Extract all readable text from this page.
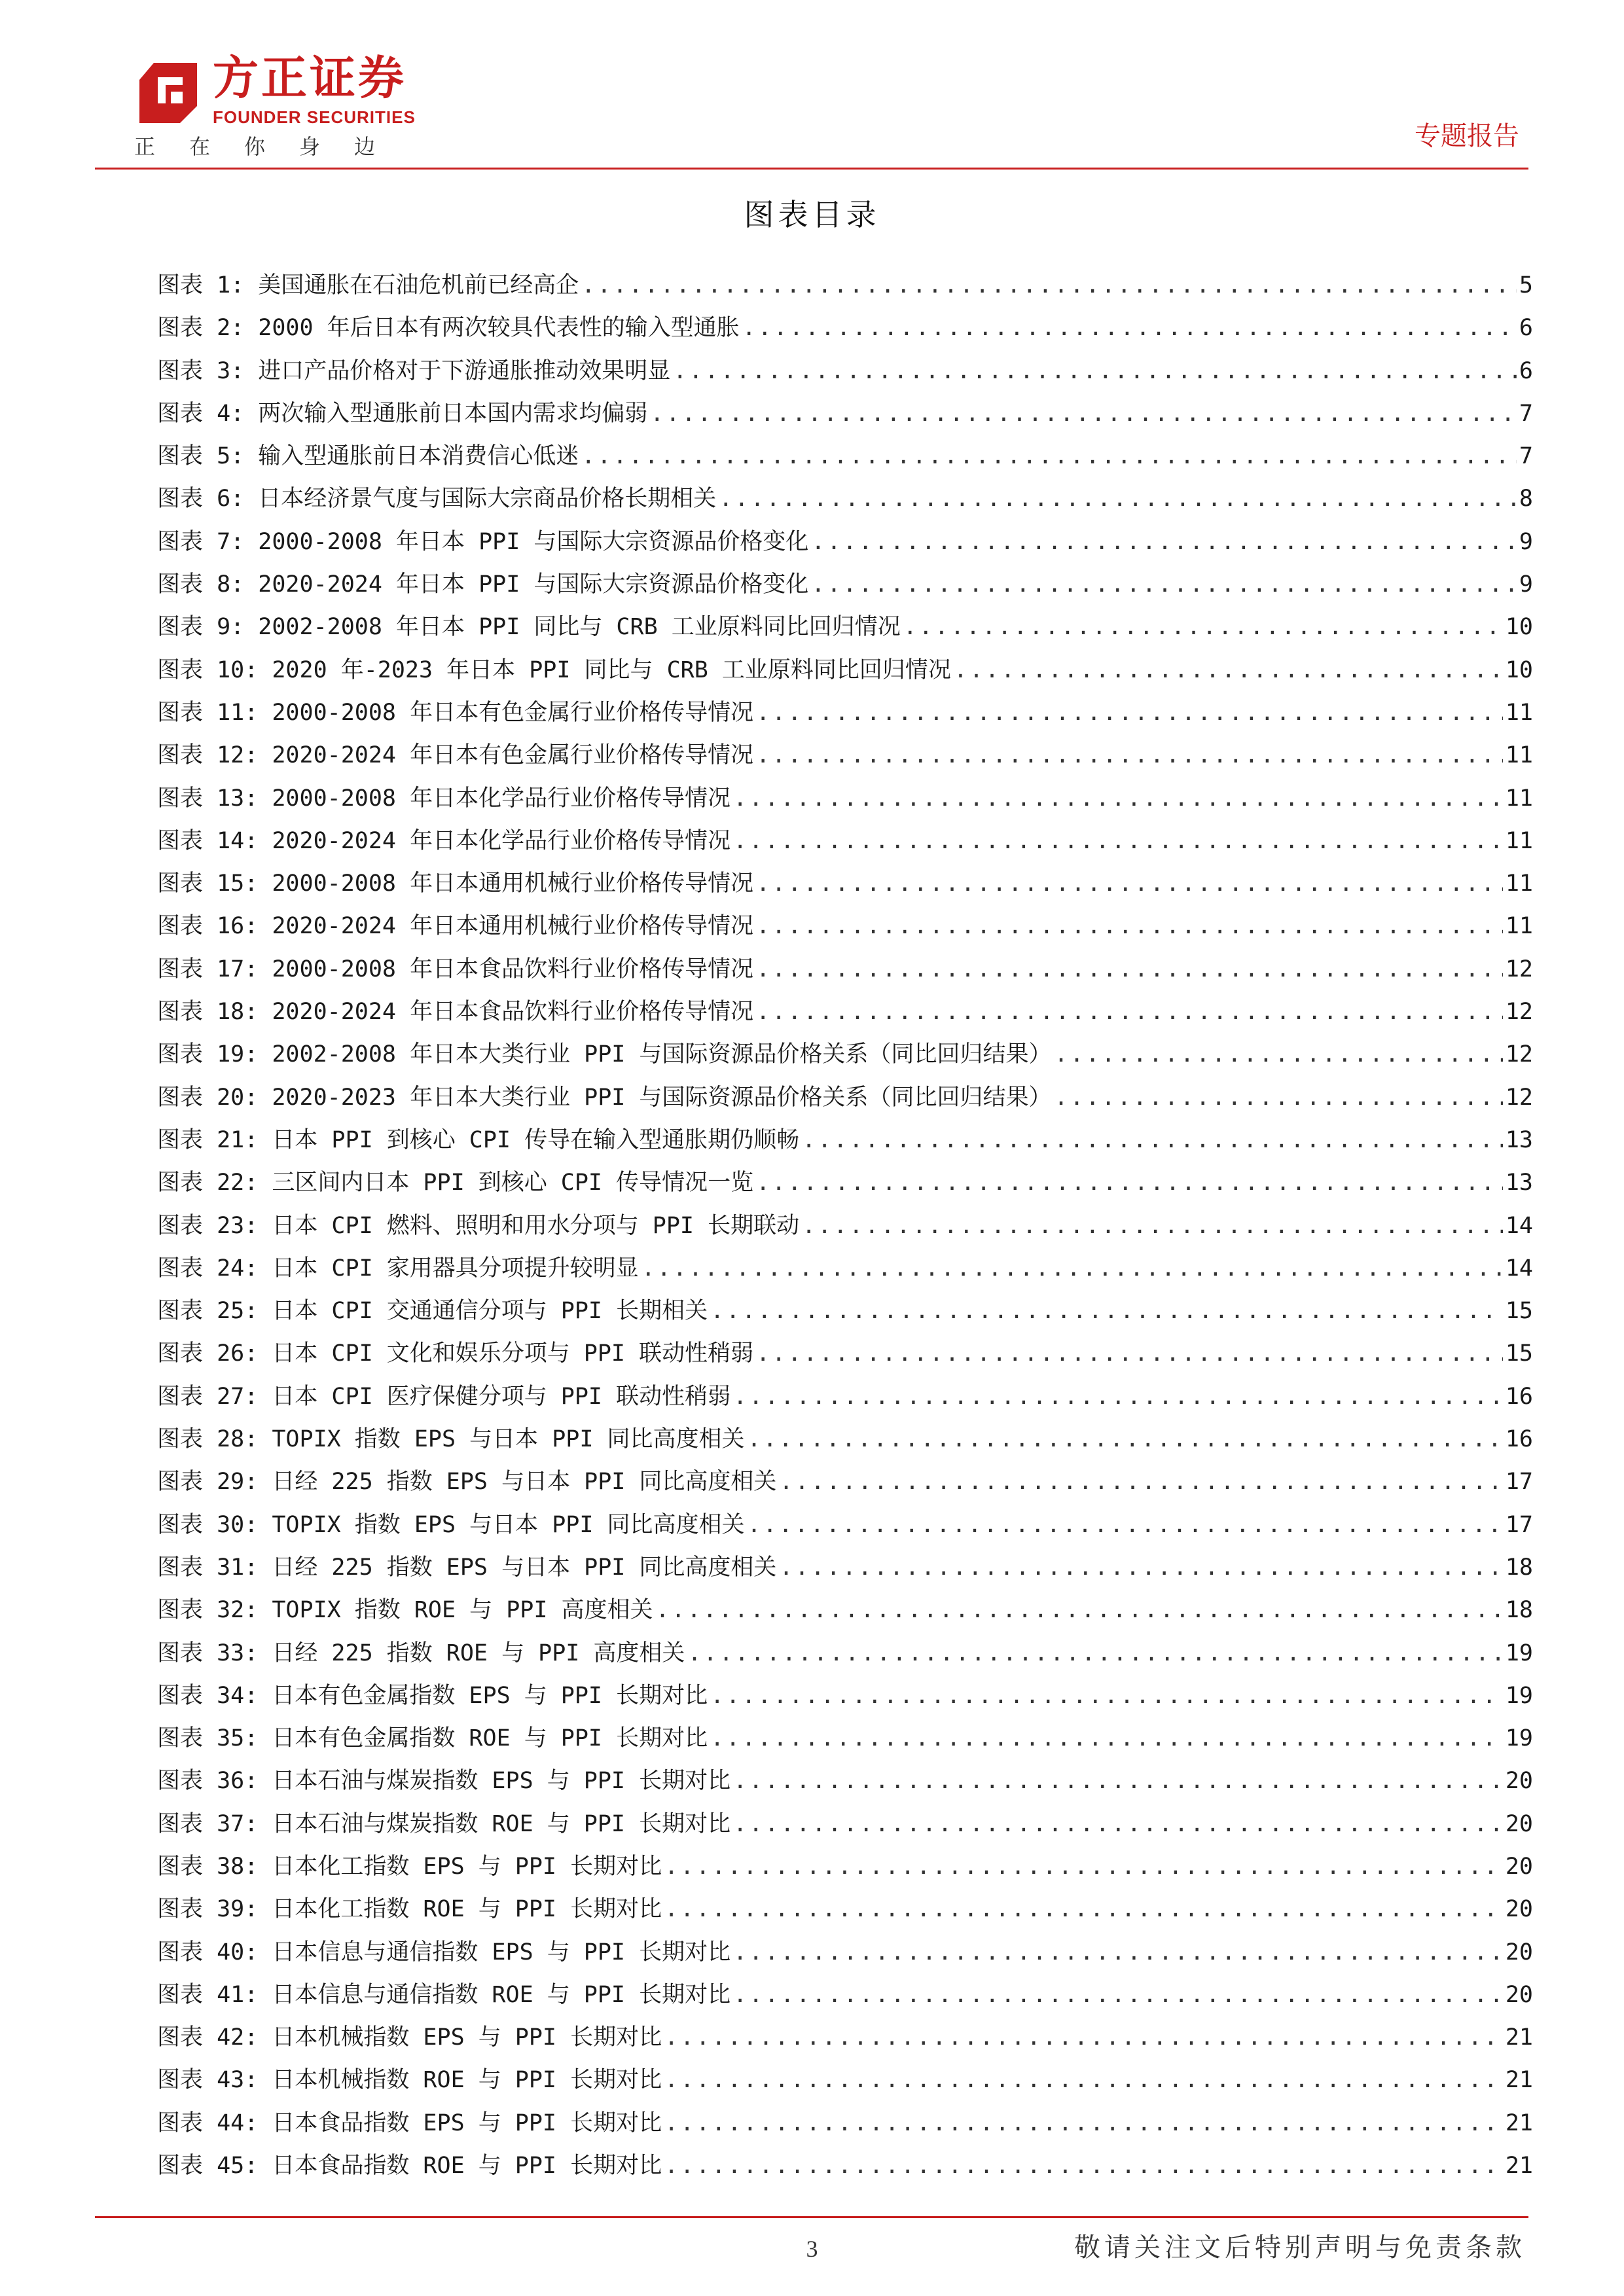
方正证券
FOUNDER SECURITIES
正在你身边	专题报告
图表目录
图表 1: 美国通胀在石油危机前已经高企 .....	5
图表 2: 2000 年后日本有两次较具代表性的输入型通胀 .....	6
图表 3: 进口产品价格对于下游通胀推动效果明显 .....	6
图表 4: 两次输入型通胀前日本国内需求均偏弱 .....	7
图表 5: 输入型通胀前日本消费信心低迷 .....	7
图表 6: 日本经济景气度与国际大宗商品价格长期相关 .....	8
图表 7: 2000-2008 年日本 PPI 与国际大宗资源品价格变化 .....	9
图表 8: 2020-2024 年日本 PPI 与国际大宗资源品价格变化 .....	9
图表 9: 2002-2008 年日本 PPI 同比与 CRB 工业原料同比回归情况 .....	10
图表 10: 2020 年-2023 年日本 PPI 同比与 CRB 工业原料同比回归情况 .....	10
图表 11: 2000-2008 年日本有色金属行业价格传导情况 .....	11
图表 12: 2020-2024 年日本有色金属行业价格传导情况 .....	11
图表 13: 2000-2008 年日本化学品行业价格传导情况 .....	11
图表 14: 2020-2024 年日本化学品行业价格传导情况 .....	11
图表 15: 2000-2008 年日本通用机械行业价格传导情况 .....	11
图表 16: 2020-2024 年日本通用机械行业价格传导情况 .....	11
图表 17: 2000-2008 年日本食品饮料行业价格传导情况 .....	12
图表 18: 2020-2024 年日本食品饮料行业价格传导情况 .....	12
图表 19: 2002-2008 年日本大类行业 PPI 与国际资源品价格关系（同比回归结果） .....	12
图表 20: 2020-2023 年日本大类行业 PPI 与国际资源品价格关系（同比回归结果） .....	12
图表 21: 日本 PPI 到核心 CPI 传导在输入型通胀期仍顺畅 .....	13
图表 22: 三区间内日本 PPI 到核心 CPI 传导情况一览 .....	13
图表 23: 日本 CPI 燃料、照明和用水分项与 PPI 长期联动 .....	14
图表 24: 日本 CPI 家用器具分项提升较明显 .....	14
图表 25: 日本 CPI 交通通信分项与 PPI 长期相关 .....	15
图表 26: 日本 CPI 文化和娱乐分项与 PPI 联动性稍弱 .....	15
图表 27: 日本 CPI 医疗保健分项与 PPI 联动性稍弱 .....	16
图表 28: TOPIX 指数 EPS 与日本 PPI 同比高度相关 .....	16
图表 29: 日经 225 指数 EPS 与日本 PPI 同比高度相关 .....	17
图表 30: TOPIX 指数 EPS 与日本 PPI 同比高度相关 .....	17
图表 31: 日经 225 指数 EPS 与日本 PPI 同比高度相关 .....	18
图表 32: TOPIX 指数 ROE 与 PPI 高度相关 .....	18
图表 33: 日经 225 指数 ROE 与 PPI 高度相关 .....	19
图表 34: 日本有色金属指数 EPS 与 PPI 长期对比 .....	19
图表 35: 日本有色金属指数 ROE 与 PPI 长期对比 .....	19
图表 36: 日本石油与煤炭指数 EPS 与 PPI 长期对比 .....	20
图表 37: 日本石油与煤炭指数 ROE 与 PPI 长期对比 .....	20
图表 38: 日本化工指数 EPS 与 PPI 长期对比 .....	20
图表 39: 日本化工指数 ROE 与 PPI 长期对比 .....	20
图表 40: 日本信息与通信指数 EPS 与 PPI 长期对比 .....	20
图表 41: 日本信息与通信指数 ROE 与 PPI 长期对比 .....	20
图表 42: 日本机械指数 EPS 与 PPI 长期对比 .....	21
图表 43: 日本机械指数 ROE 与 PPI 长期对比 .....	21
图表 44: 日本食品指数 EPS 与 PPI 长期对比 .....	21
图表 45: 日本食品指数 ROE 与 PPI 长期对比 .....	21
3	敬请关注文后特别声明与免责条款
